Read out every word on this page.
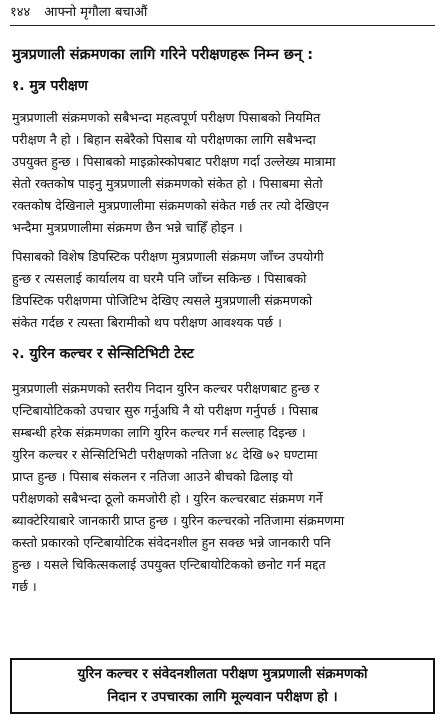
१४४ आफ्नो मृगौला बचाऔं
मुत्रप्रणाली संक्रमणका लागि गरिने परीक्षणहरू निम्न छन् :
१. मुत्र परीक्षण
मुत्रप्रणाली संक्रमणको सबैभन्दा महत्वपूर्ण परीक्षण पिसाबको नियमित
परीक्षण नै हो । बिहान सबेरैको पिसाब यो परीक्षणका लागि सबैभन्दा
उपयुक्त हुन्छ । पिसाबको माइक्रोस्कोपबाट परीक्षण गर्दा उल्लेख्य मात्रामा
सेतो रक्तकोष पाइनु मुत्रप्रणाली संक्रमणको संकेत हो । पिसाबमा सेतो
रक्तकोष देखिनाले मुत्रप्रणालीमा संक्रमणको संकेत गर्छ तर त्यो देखिएन
भन्दैमा मुत्रप्रणालीमा संक्रमण छैन भन्ने चाहिँ होइन ।
पिसाबको विशेष डिपस्टिक परीक्षण मुत्रप्रणाली संक्रमण जाँच्न उपयोगी
हुन्छ र त्यसलाई कार्यालय वा घरमै पनि जाँच्न सकिन्छ । पिसाबको
डिपस्टिक परीक्षणमा पोजिटिभ देखिए त्यसले मुत्रप्रणाली संक्रमणको
संकेत गर्दछ र त्यस्ता बिरामीको थप परीक्षण आवश्यक पर्छ ।
२. युरिन कल्चर र सेन्सिटिभिटी टेस्ट
मुत्रप्रणाली संक्रमणको स्तरीय निदान युरिन कल्चर परीक्षणबाट हुन्छ र
एन्टिबायोटिकको उपचार सुरु गर्नुअघि नै यो परीक्षण गर्नुपर्छ । पिसाब
सम्बन्धी हरेक संक्रमणका लागि युरिन कल्चर गर्न सल्लाह दिइन्छ ।
युरिन कल्चर र सेन्सिटिभिटी परीक्षणको नतिजा ४८ देखि ७२ घण्टामा
प्राप्त हुन्छ । पिसाब संकलन र नतिजा आउने बीचको ढिलाइ यो
परीक्षणको सबैभन्दा ठूलो कमजोरी हो । युरिन कल्चरबाट संक्रमण गर्ने
ब्याक्टेरियाबारे जानकारी प्राप्त हुन्छ । युरिन कल्चरको नतिजामा संक्रमणमा
कस्तो प्रकारको एन्टिबायोटिक संवेदनशील हुन सक्छ भन्ने जानकारी पनि
हुन्छ । यसले चिकित्सकलाई उपयुक्त एन्टिबायोटिकको छनोट गर्न मद्दत
गर्छ ।
युरिन कल्चर र संवेदनशीलता परीक्षण मुत्रप्रणाली संक्रमणको
निदान र उपचारका लागि मूल्यवान परीक्षण हो ।
